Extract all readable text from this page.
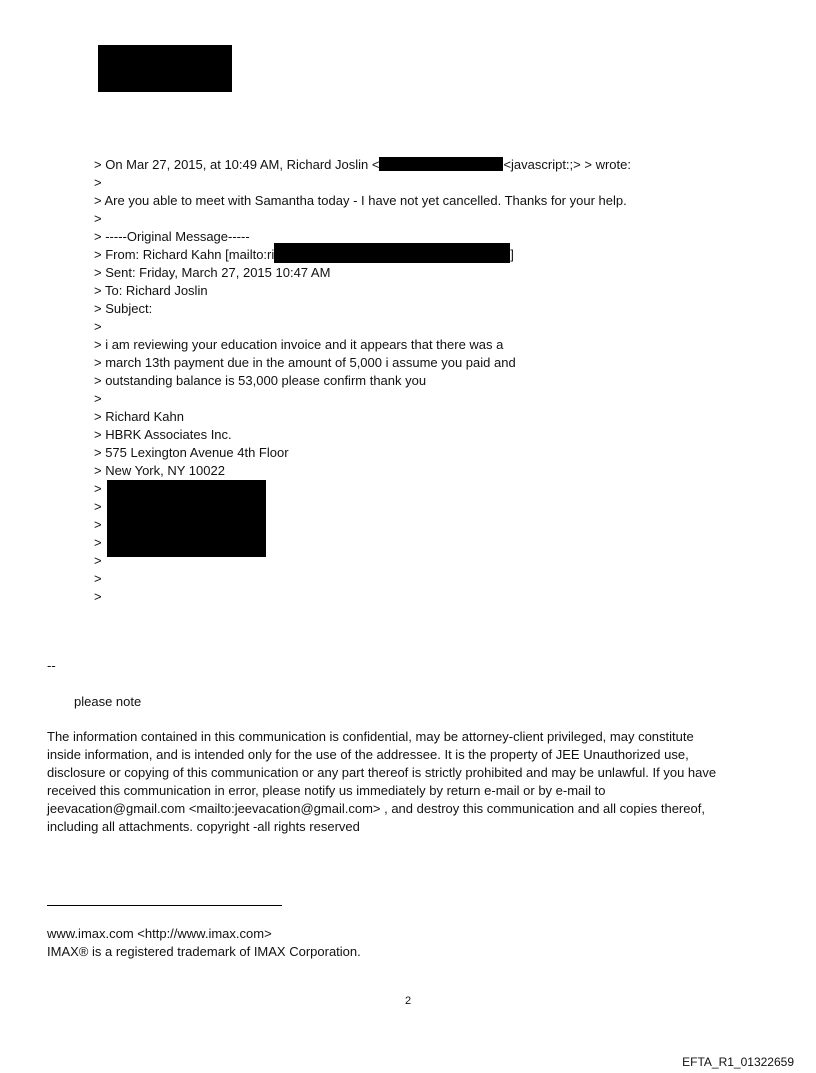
> On Mar 27, 2015, at 10:49 AM, Richard Joslin <	<javascript:;> > wrote:
>
> Are you able to meet with Samantha today - I have not yet cancelled. Thanks for your help.
>
> -----Original Message-----
> From: Richard Kahn [mailto:ri	]
> Sent: Friday, March 27, 2015 10:47 AM
> To: Richard Joslin
> Subject:
>
> i am reviewing your education invoice and it appears that there was a
> march 13th payment due in the amount of 5,000 i assume you paid and
> outstanding balance is 53,000 please confirm thank you
>
> Richard Kahn
> HBRK Associates Inc.
> 575 Lexington Avenue 4th Floor
> New York, NY 10022
>
>
>
>
>
>
>
--
please note
The information contained in this communication is confidential, may be attorney-client privileged, may constitute
inside information, and is intended only for the use of the addressee. It is the property of JEE Unauthorized use,
disclosure or copying of this communication or any part thereof is strictly prohibited and may be unlawful. If you have
received this communication in error, please notify us immediately by return e-mail or by e-mail to
jeevacation@gmail.com <mailto:jeevacation@gmail.com> , and destroy this communication and all copies thereof,
including all attachments. copyright -all rights reserved
www.imax.com <http://www.imax.com>
IMAX® is a registered trademark of IMAX Corporation.
2
EFTA_R1_01322659
